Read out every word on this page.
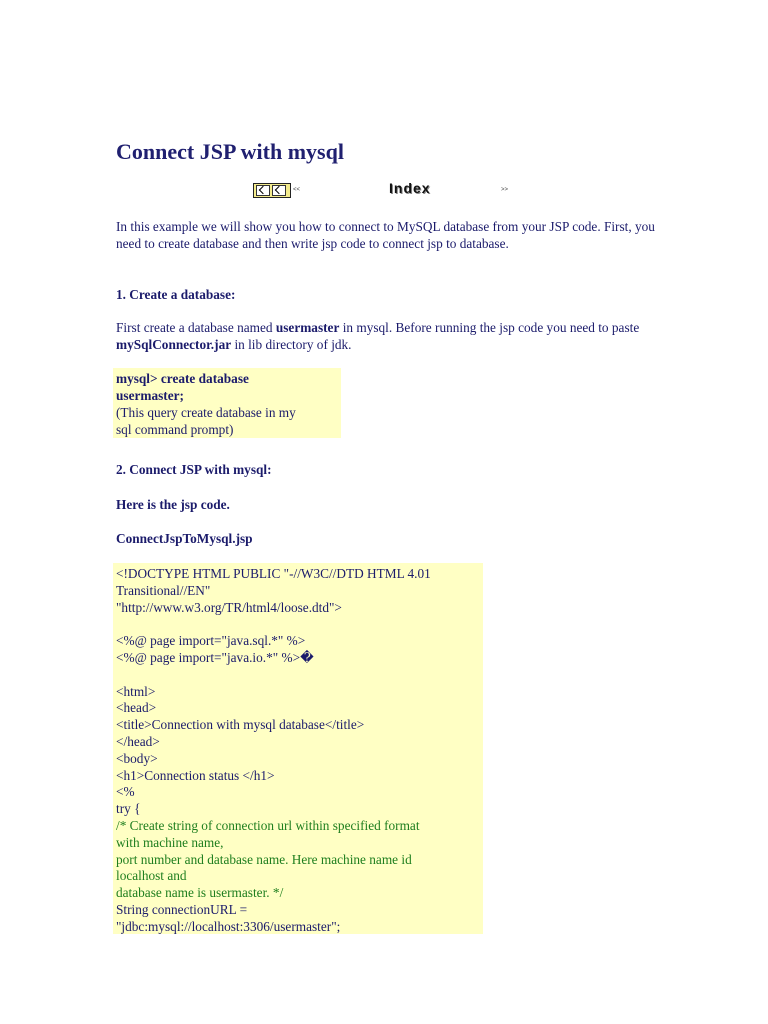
Connect JSP with mysql
<<	Index	>>

In this example we will show you how to connect to MySQL database from your JSP code. First, you need to create database and then write jsp code to connect jsp to database.

1. Create a database:

First create a database named usermaster in mysql. Before running the jsp code you need to paste mySqlConnector.jar in lib directory of jdk.

mysql> create database
usermaster;
(This query create database in my
sql command prompt)

2. Connect JSP with mysql:

Here is the jsp code.

ConnectJspToMysql.jsp

<!DOCTYPE HTML PUBLIC "-//W3C//DTD HTML 4.01
Transitional//EN"
"http://www.w3.org/TR/html4/loose.dtd">
<%@ page import="java.sql.*" %>
<%@ page import="java.io.*" %>�
<html>
<head>
<title>Connection with mysql database</title>
</head>
<body>
<h1>Connection status </h1>
<%
try {
/* Create string of connection url within specified format
with machine name,
port number and database name. Here machine name id
localhost and
database name is usermaster. */
String connectionURL =
"jdbc:mysql://localhost:3306/usermaster";
